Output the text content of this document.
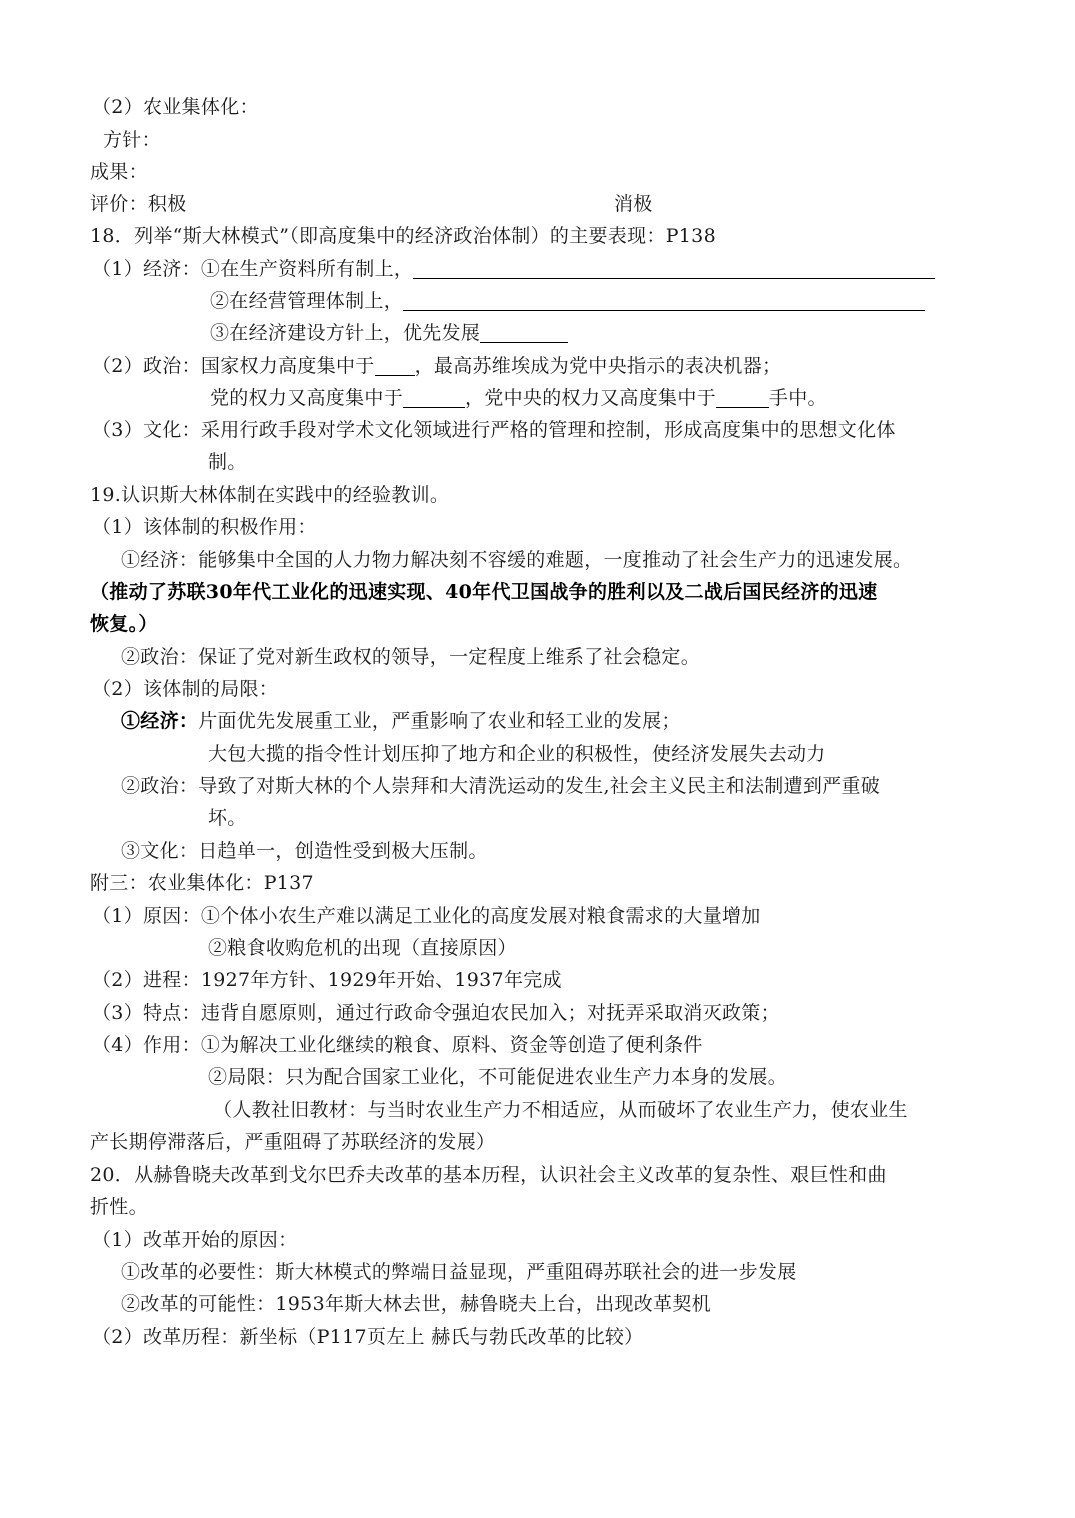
（2）农业集体化：
方针：
成果：
评价：积极	消极
18．列举“斯大林模式”（即高度集中的经济政治体制）的主要表现：P138
（1）经济：①在生产资料所有制上，
②在经营管理体制上，
③在经济建设方针上，优先发展
（2）政治：国家权力高度集中于 ，最高苏维埃成为党中央指示的表决机器；
党的权力又高度集中于	，党中央的权力又高度集中于	手中。
（3）文化：采用行政手段对学术文化领域进行严格的管理和控制，形成高度集中的思想文化体
制。
19.认识斯大林体制在实践中的经验教训。
（1）该体制的积极作用：
①经济：能够集中全国的人力物力解决刻不容缓的难题，一度推动了社会生产力的迅速发展。
（推动了苏联30年代工业化的迅速实现、40年代卫国战争的胜利以及二战后国民经济的迅速
恢复。）
②政治：保证了党对新生政权的领导，一定程度上维系了社会稳定。
（2）该体制的局限：
①经济：片面优先发展重工业，严重影响了农业和轻工业的发展；
大包大揽的指令性计划压抑了地方和企业的积极性，使经济发展失去动力
②政治：导致了对斯大林的个人崇拜和大清洗运动的发生,社会主义民主和法制遭到严重破
坏。
③文化：日趋单一，创造性受到极大压制。
附三：农业集体化：P137
（1）原因：①个体小农生产难以满足工业化的高度发展对粮食需求的大量增加
②粮食收购危机的出现（直接原因）
（2）进程：1927年方针、1929年开始、1937年完成
（3）特点：违背自愿原则，通过行政命令强迫农民加入；对抚弄采取消灭政策；
（4）作用：①为解决工业化继续的粮食、原料、资金等创造了便利条件
②局限：只为配合国家工业化，不可能促进农业生产力本身的发展。
（人教社旧教材：与当时农业生产力不相适应，从而破坏了农业生产力，使农业生
产长期停滞落后，严重阻碍了苏联经济的发展）
20．从赫鲁晓夫改革到戈尔巴乔夫改革的基本历程，认识社会主义改革的复杂性、艰巨性和曲
折性。
（1）改革开始的原因：
①改革的必要性：斯大林模式的弊端日益显现，严重阻碍苏联社会的进一步发展
②改革的可能性：1953年斯大林去世，赫鲁晓夫上台，出现改革契机
（2）改革历程：新坐标（P117页左上 赫氏与勃氏改革的比较）
